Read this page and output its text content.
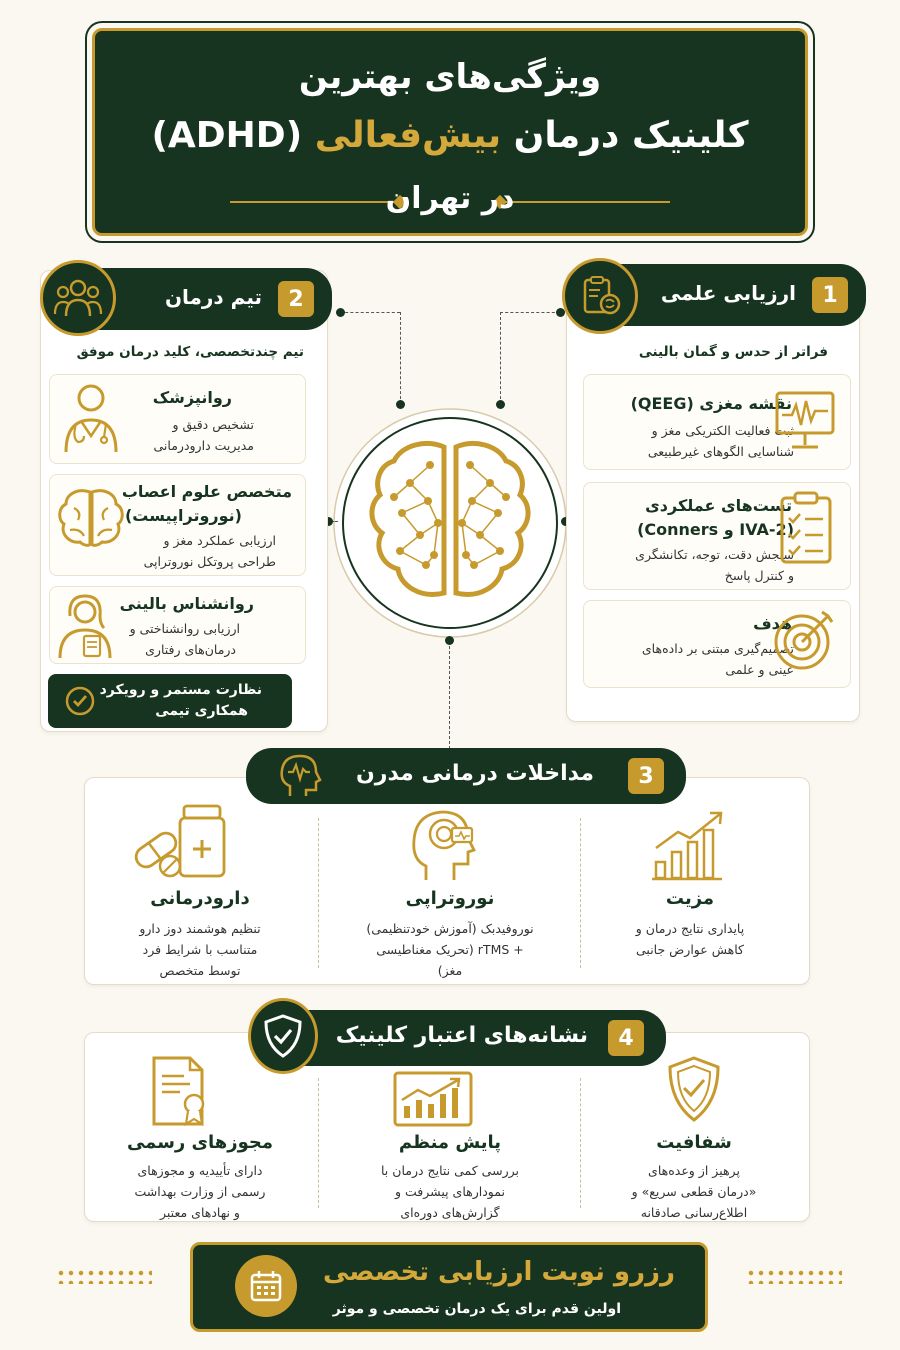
ویژگی‌های بهترین
کلینیک درمان بیش‌فعالی (ADHD)
در تهران
1
ارزیابی علمی
فراتر از حدس و گمان بالینی
نقشه مغزی (QEEG)
ثبت فعالیت الکتریکی مغز و
شناسایی الگوهای غیرطبیعی
تست‌های عملکردی
(IVA-2 و Conners)
سنجش دقت، توجه، تکانشگری
و کنترل پاسخ
هدف
تصمیم‌گیری مبتنی بر داده‌های
عینی و علمی
2
تیم درمان
تیم چندتخصصی، کلید درمان موفق
روانپزشک
تشخیص دقیق و
مدیریت دارودرمانی
متخصص علوم اعصاب
(نوروتراپیست)
ارزیابی عملکرد مغز و
طراحی پروتکل نوروتراپی
روانشناس بالینی
ارزیابی روانشناختی و
درمان‌های رفتاری
نظارت مستمر و رویکرد
همکاری تیمی
3
مداخلات درمانی مدرن
مزیت
پایداری نتایج درمان و
کاهش عوارض جانبی
نوروتراپی
نوروفیدبک (آموزش خودتنظیمی)
+ rTMS (تحریک مغناطیسی
مغز)
دارودرمانی
تنظیم هوشمند دوز دارو
متناسب با شرایط فرد
توسط متخصص
4
نشانه‌های اعتبار کلینیک
شفافیت
پرهیز از وعده‌های
«درمان قطعی سریع» و
اطلاع‌رسانی صادقانه
پایش منظم
بررسی کمی نتایج درمان با
نمودارهای پیشرفت و
گزارش‌های دوره‌ای
مجوزهای رسمی
دارای تأییدیه و مجوزهای
رسمی از وزارت بهداشت
و نهادهای معتبر
رزرو نوبت ارزیابی تخصصی
اولین قدم برای یک درمان تخصصی و موثر
